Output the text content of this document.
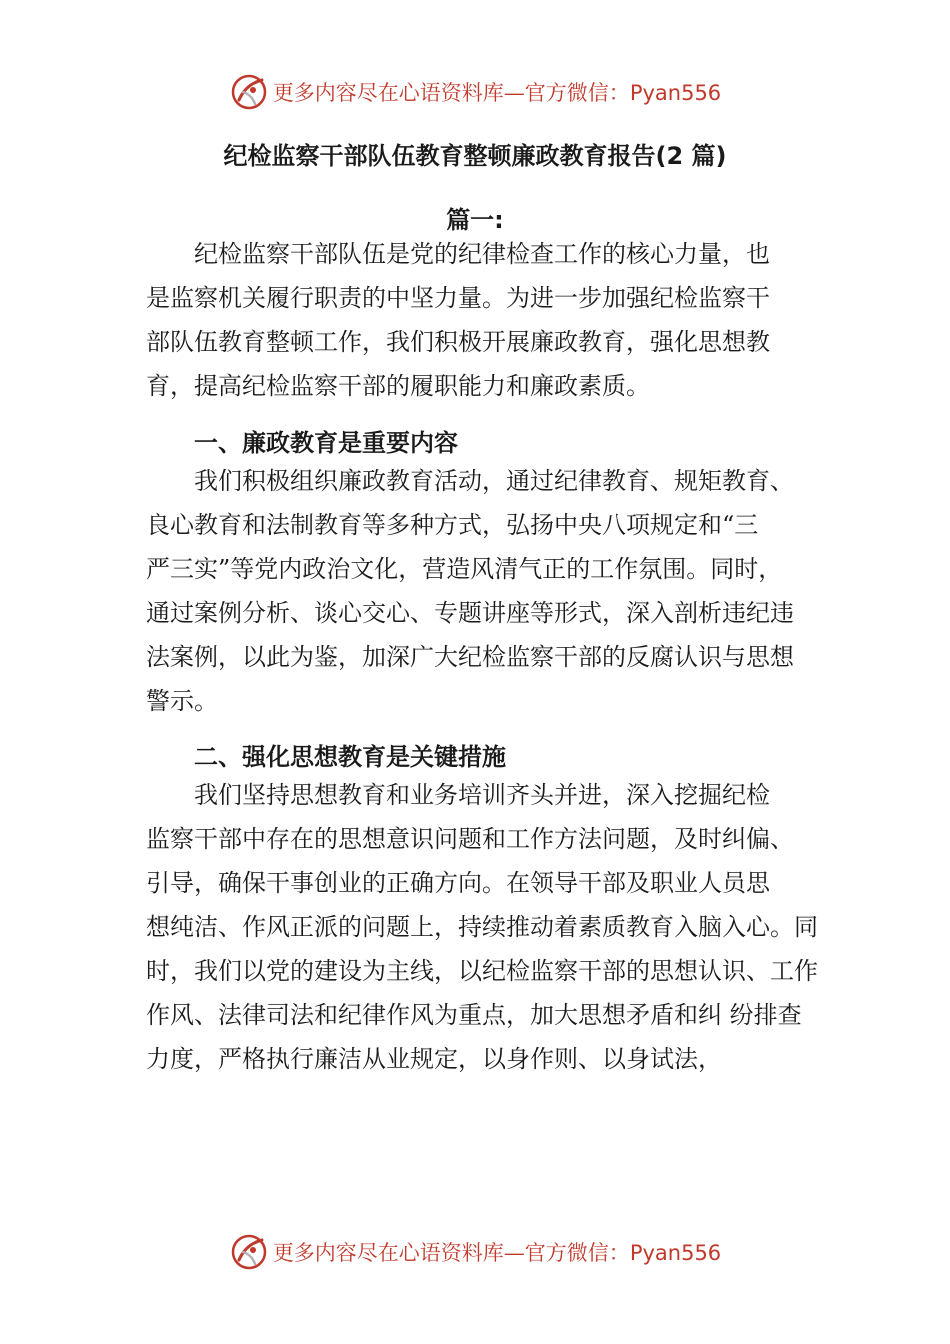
更多内容尽在心语资料库—官方微信：Pyan556
纪检监察干部队伍教育整顿廉政教育报告(2 篇)
篇一:

　　纪检监察干部队伍是党的纪律检查工作的核心力量，也
是监察机关履行职责的中坚力量。为进一步加强纪检监察干
部队伍教育整顿工作，我们积极开展廉政教育，强化思想教
育，提高纪检监察干部的履职能力和廉政素质。

一、廉政教育是重要内容

　　我们积极组织廉政教育活动，通过纪律教育、规矩教育、
良心教育和法制教育等多种方式，弘扬中央八项规定和“三
严三实”等党内政治文化，营造风清气正的工作氛围。同时，
通过案例分析、谈心交心、专题讲座等形式，深入剖析违纪违
法案例，以此为鉴，加深广大纪检监察干部的反腐认识与思想
警示。

二、强化思想教育是关键措施

　　我们坚持思想教育和业务培训齐头并进，深入挖掘纪检
监察干部中存在的思想意识问题和工作方法问题，及时纠偏、
引导，确保干事创业的正确方向。在领导干部及职业人员思
想纯洁、作风正派的问题上，持续推动着素质教育入脑入心。同
时，我们以党的建设为主线，以纪检监察干部的思想认识、工作
作风、法律司法和纪律作风为重点，加大思想矛盾和纠 纷排查
力度，严格执行廉洁从业规定，以身作则、以身试法，

更多内容尽在心语资料库—官方微信：Pyan556
